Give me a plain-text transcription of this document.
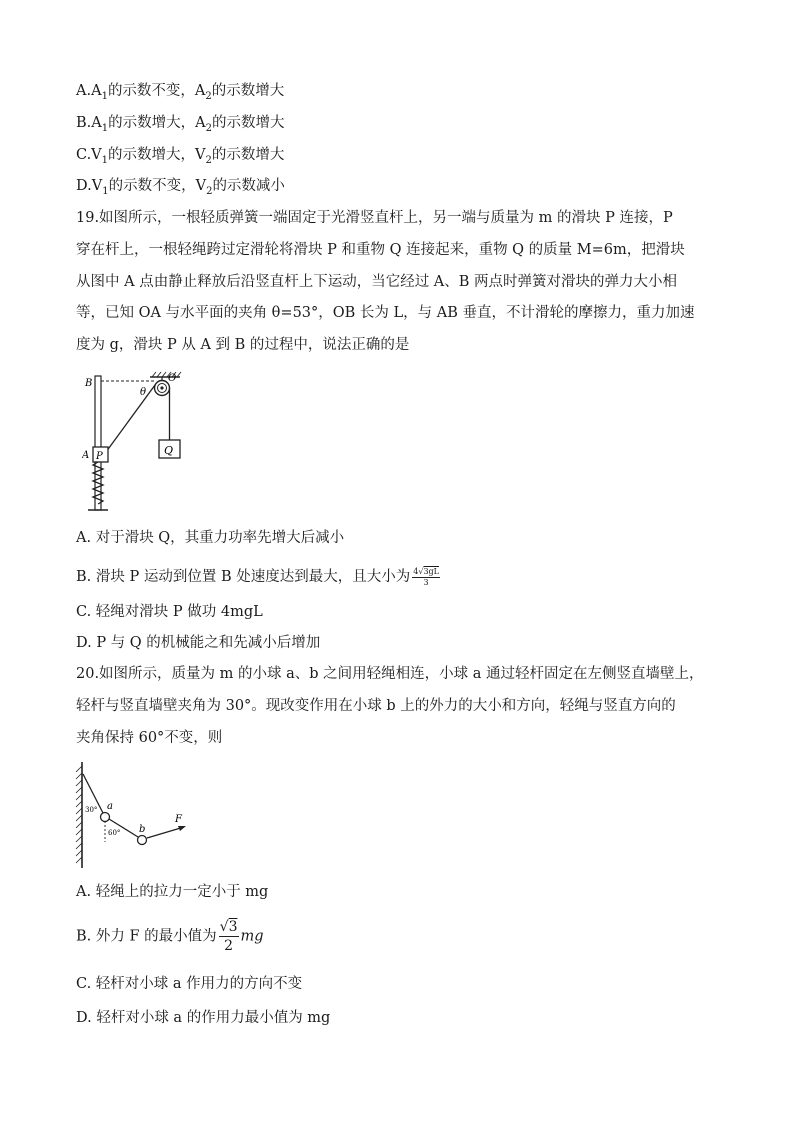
$A.A_1$的示数不变，$A_2$的示数增大
$B.A_1$的示数增大，$A_2$的示数增大
$C.V_1$的示数增大，$V_2$的示数增大
$D.V_1$的示数不变，$V_2$的示数减小
19.如图所示，一根轻质弹簧一端固定于光滑竖直杆上，另一端与质量为 m 的滑块 P 连接，P
穿在杆上，一根轻绳跨过定滑轮将滑块 P 和重物 Q 连接起来，重物 Q 的质量 M=6m，把滑块
从图中 A 点由静止释放后沿竖直杆上下运动，当它经过 A、B 两点时弹簧对滑块的弹力大小相
等，已知 OA 与水平面的夹角 θ=53°，OB 长为 L，与 AB 垂直，不计滑轮的摩擦力，重力加速
度为 g，滑块 P 从 A 到 B 的过程中，说法正确的是
Q
P
B	O
θ
A
A. 对于滑块 Q，其重力功率先增大后减小
B. 滑块 P 运动到位置 B 处速度达到最大，且大小为 $\frac{4√3gL}{3}$
C. 轻绳对滑块 P 做功 4mgL
D. P 与 Q 的机械能之和先减小后增加
20.如图所示，质量为 m 的小球 a、b 之间用轻绳相连，小球 a 通过轻杆固定在左侧竖直墙壁上，
轻杆与竖直墙壁夹角为 30°。现改变作用在小球 b 上的外力的大小和方向，轻绳与竖直方向的
夹角保持 60°不变，则
30° a
60° b
F
A. 轻绳上的拉力一定小于 mg
B. 外力 F 的最小值为 $\frac{√3}{2}$ mg
C. 轻杆对小球 a 作用力的方向不变
D. 轻杆对小球 a 的作用力最小值为 mg
